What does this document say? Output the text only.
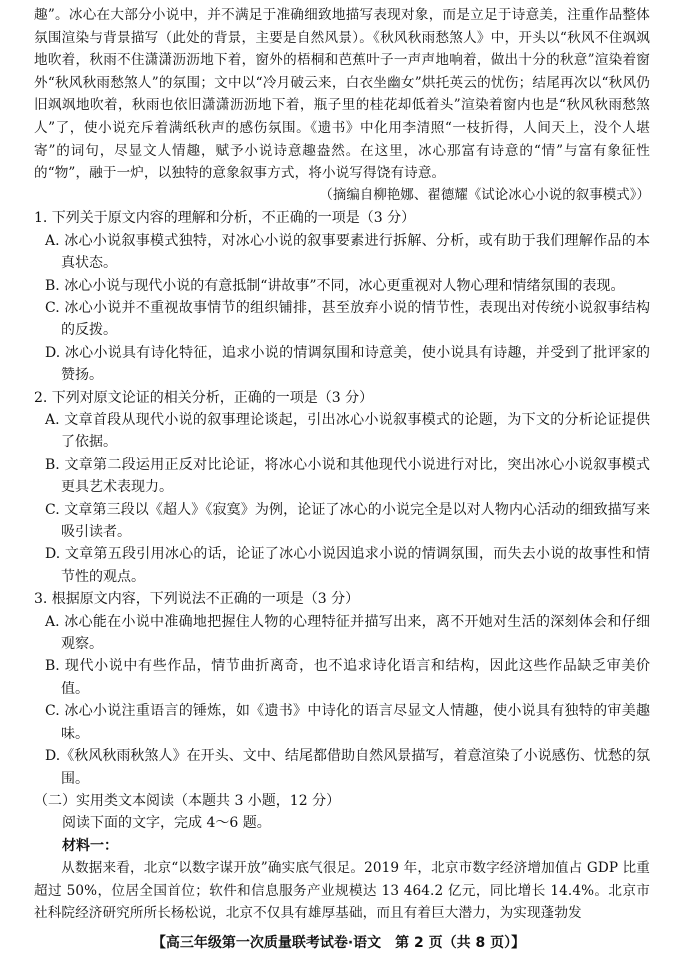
趣”。冰心在大部分小说中，并不满足于准确细致地描写表现对象，而是立足于诗意美，注重作品整体氛围渲染与背景描写（此处的背景，主要是自然风景）。《秋风秋雨愁煞人》中，开头以“秋风不住飒飒地吹着，秋雨不住潇潇沥沥地下着，窗外的梧桐和芭蕉叶子一声声地响着，做出十分的秋意”渲染着窗外“秋风秋雨愁煞人”的氛围；文中以“冷月破云来，白衣坐幽女”烘托英云的忧伤；结尾再次以“秋风仍旧飒飒地吹着，秋雨也依旧潇潇沥沥地下着，瓶子里的桂花却低着头”渲染着窗内也是“秋风秋雨愁煞人”了，使小说充斥着满纸秋声的感伤氛围。《遗书》中化用李清照“一枝折得，人间天上，没个人堪寄”的词句，尽显文人情趣，赋予小说诗意趣盎然。在这里，冰心那富有诗意的“情”与富有象征性的“物”，融于一炉，以独特的意象叙事方式，将小说写得饶有诗意。

（摘编自柳艳娜、翟德耀《试论冰心小说的叙事模式》）

1. 下列关于原文内容的理解和分析，不正确的一项是（3 分）

A. 冰心小说叙事模式独特，对冰心小说的叙事要素进行拆解、分析，或有助于我们理解作品的本真状态。

B. 冰心小说与现代小说的有意抵制“讲故事”不同，冰心更重视对人物心理和情绪氛围的表现。

C. 冰心小说并不重视故事情节的组织铺排，甚至放弃小说的情节性，表现出对传统小说叙事结构的反拨。

D. 冰心小说具有诗化特征，追求小说的情调氛围和诗意美，使小说具有诗趣，并受到了批评家的赞扬。

2. 下列对原文论证的相关分析，正确的一项是（3 分）

A. 文章首段从现代小说的叙事理论谈起，引出冰心小说叙事模式的论题，为下文的分析论证提供了依据。

B. 文章第二段运用正反对比论证，将冰心小说和其他现代小说进行对比，突出冰心小说叙事模式更具艺术表现力。

C. 文章第三段以《超人》《寂寞》为例，论证了冰心的小说完全是以对人物内心活动的细致描写来吸引读者。

D. 文章第五段引用冰心的话，论证了冰心小说因追求小说的情调氛围，而失去小说的故事性和情节性的观点。

3. 根据原文内容，下列说法不正确的一项是（3 分）

A. 冰心能在小说中准确地把握住人物的心理特征并描写出来，离不开她对生活的深刻体会和仔细观察。

B. 现代小说中有些作品，情节曲折离奇，也不追求诗化语言和结构，因此这些作品缺乏审美价值。

C. 冰心小说注重语言的锤炼，如《遗书》中诗化的语言尽显文人情趣，使小说具有独特的审美趣味。

D.《秋风秋雨秋煞人》在开头、文中、结尾都借助自然风景描写，着意渲染了小说感伤、忧愁的氛围。

（二）实用类文本阅读（本题共 3 小题，12 分）

阅读下面的文字，完成 4～6 题。

材料一：

从数据来看，北京“以数字谋开放”确实底气很足。2019 年，北京市数字经济增加值占 GDP 比重超过 50%，位居全国首位；软件和信息服务产业规模达 13 464.2 亿元，同比增长 14.4%。北京市社科院经济研究所所长杨松说，北京不仅具有雄厚基础，而且有着巨大潜力，为实现蓬勃发

【高三年级第一次质量联考试卷·语文　第 2 页（共 8 页）】
